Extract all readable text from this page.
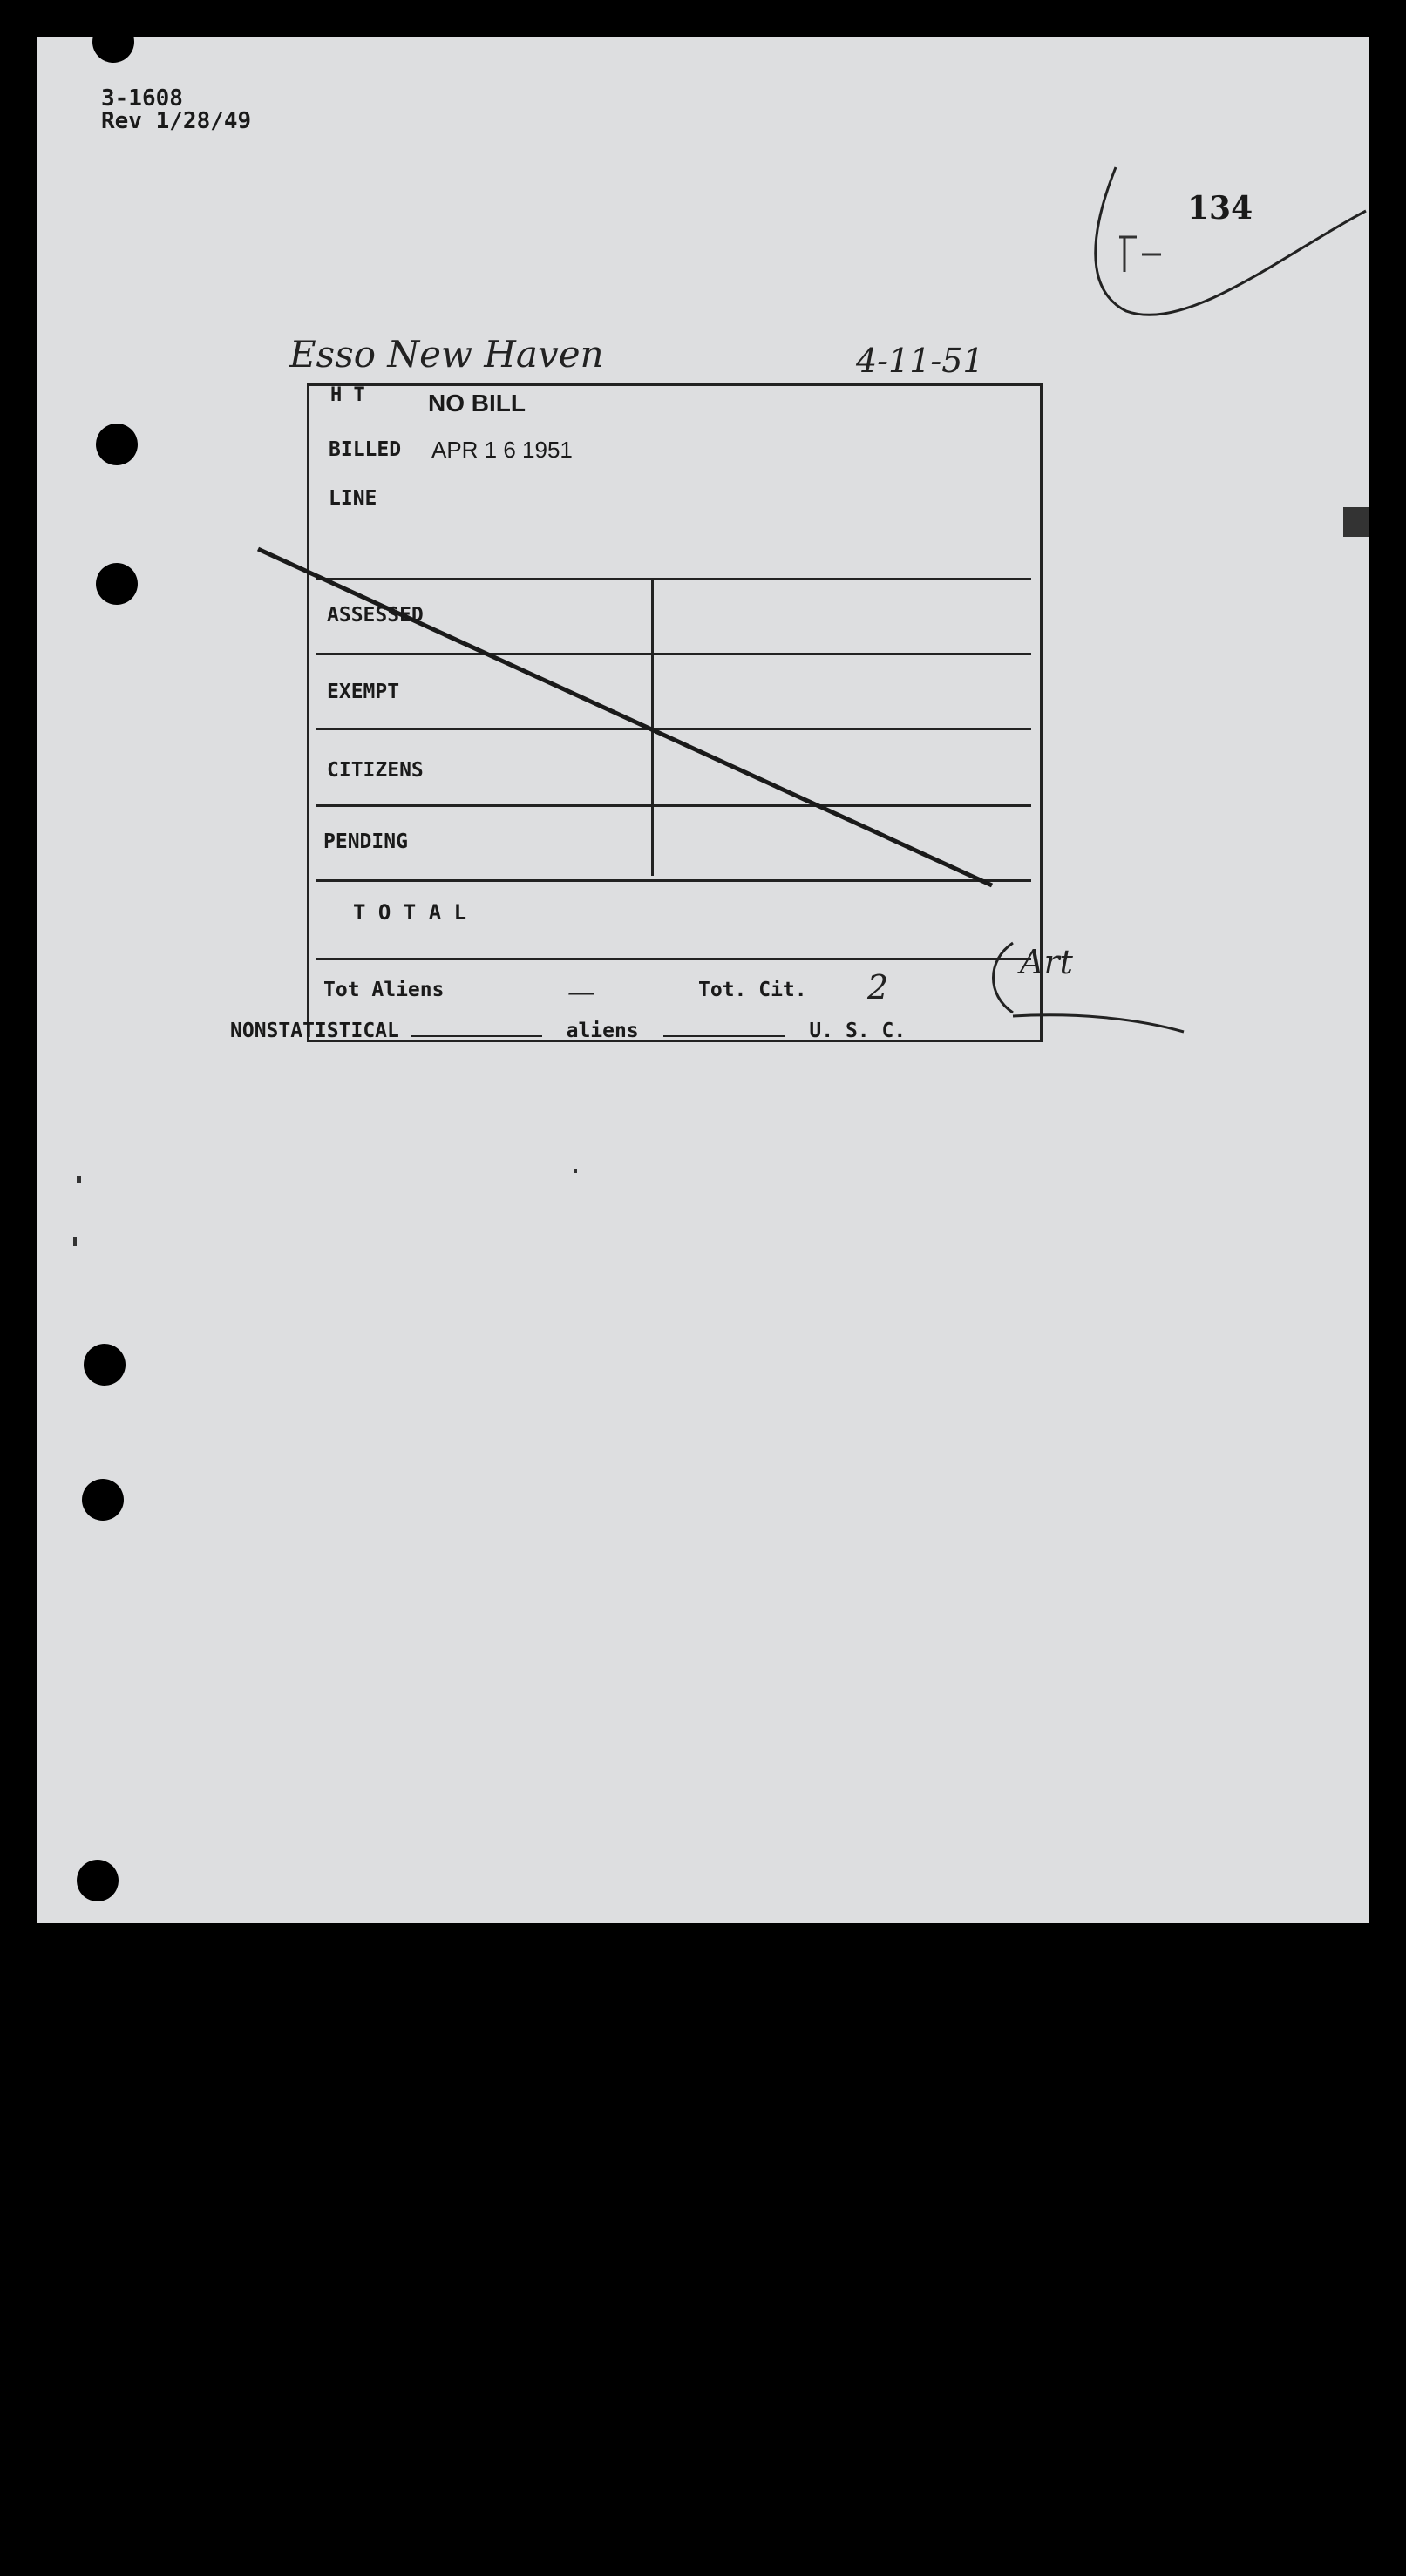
3-1608
Rev 1/28/49
Esso New Haven	4-11-51
134
H T	NO BILL
BILLED APR 1 6 1951
LINE
ASSESSED
EXEMPT
CITIZENS
PENDING
T O T A L
Tot Aliens	—	Tot. Cit. 2
Art
NONSTATISTICAL	aliens	U. S. C.
